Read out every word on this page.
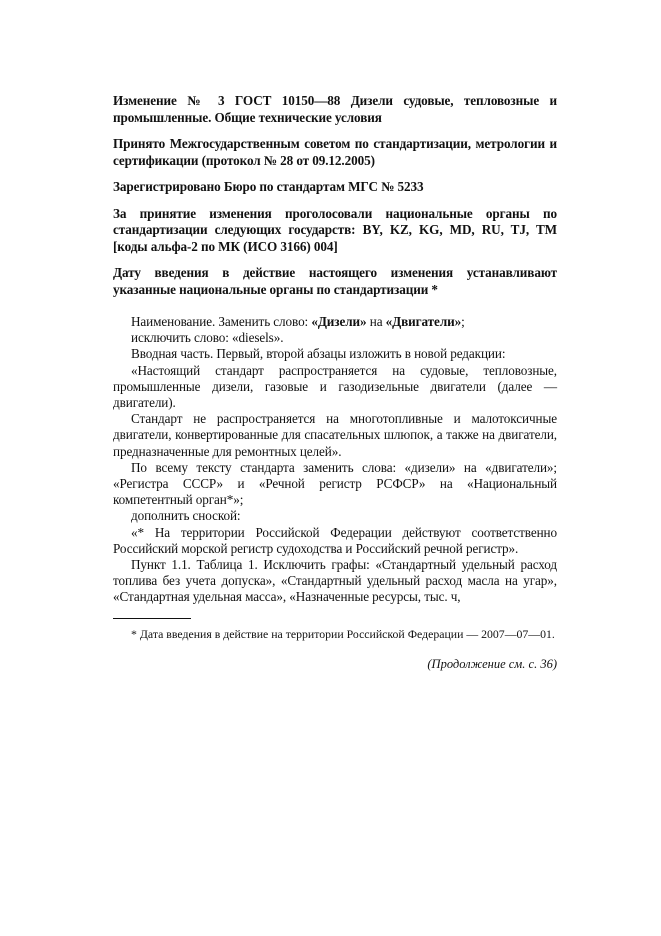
Изменение № 3 ГОСТ 10150—88 Дизели судовые, тепловозные и промышленные. Общие технические условия

Принято Межгосударственным советом по стандартизации, метрологии и сертификации (протокол № 28 от 09.12.2005)

Зарегистрировано Бюро по стандартам МГС № 5233

За принятие изменения проголосовали национальные органы по стандартизации следующих государств: BY, KZ, KG, MD, RU, TJ, TM [коды альфа-2 по МК (ИСО 3166) 004]

Дату введения в действие настоящего изменения устанавливают указанные национальные органы по стандартизации *

Наименование. Заменить слово: «Дизели» на «Двигатели»;

исключить слово: «diesels».

Вводная часть. Первый, второй абзацы изложить в новой редакции:

«Настоящий стандарт распространяется на судовые, тепловозные, промышленные дизели, газовые и газодизельные двигатели (далее — двигатели).

Стандарт не распространяется на многотопливные и малотоксичные двигатели, конвертированные для спасательных шлюпок, а также на двигатели, предназначенные для ремонтных целей».

По всему тексту стандарта заменить слова: «дизели» на «двигатели»; «Регистра СССР» и «Речной регистр РСФСР» на «Национальный компетентный орган*»;

дополнить сноской:

«* На территории Российской Федерации действуют соответственно Российский морской регистр судоходства и Российский речной регистр».

Пункт 1.1. Таблица 1. Исключить графы: «Стандартный удельный расход топлива без учета допуска», «Стандартный удельный расход масла на угар», «Стандартная удельная масса», «Назначенные ресурсы, тыс. ч,

* Дата введения в действие на территории Российской Федерации — 2007—07—01.

(Продолжение см. с. 36)
